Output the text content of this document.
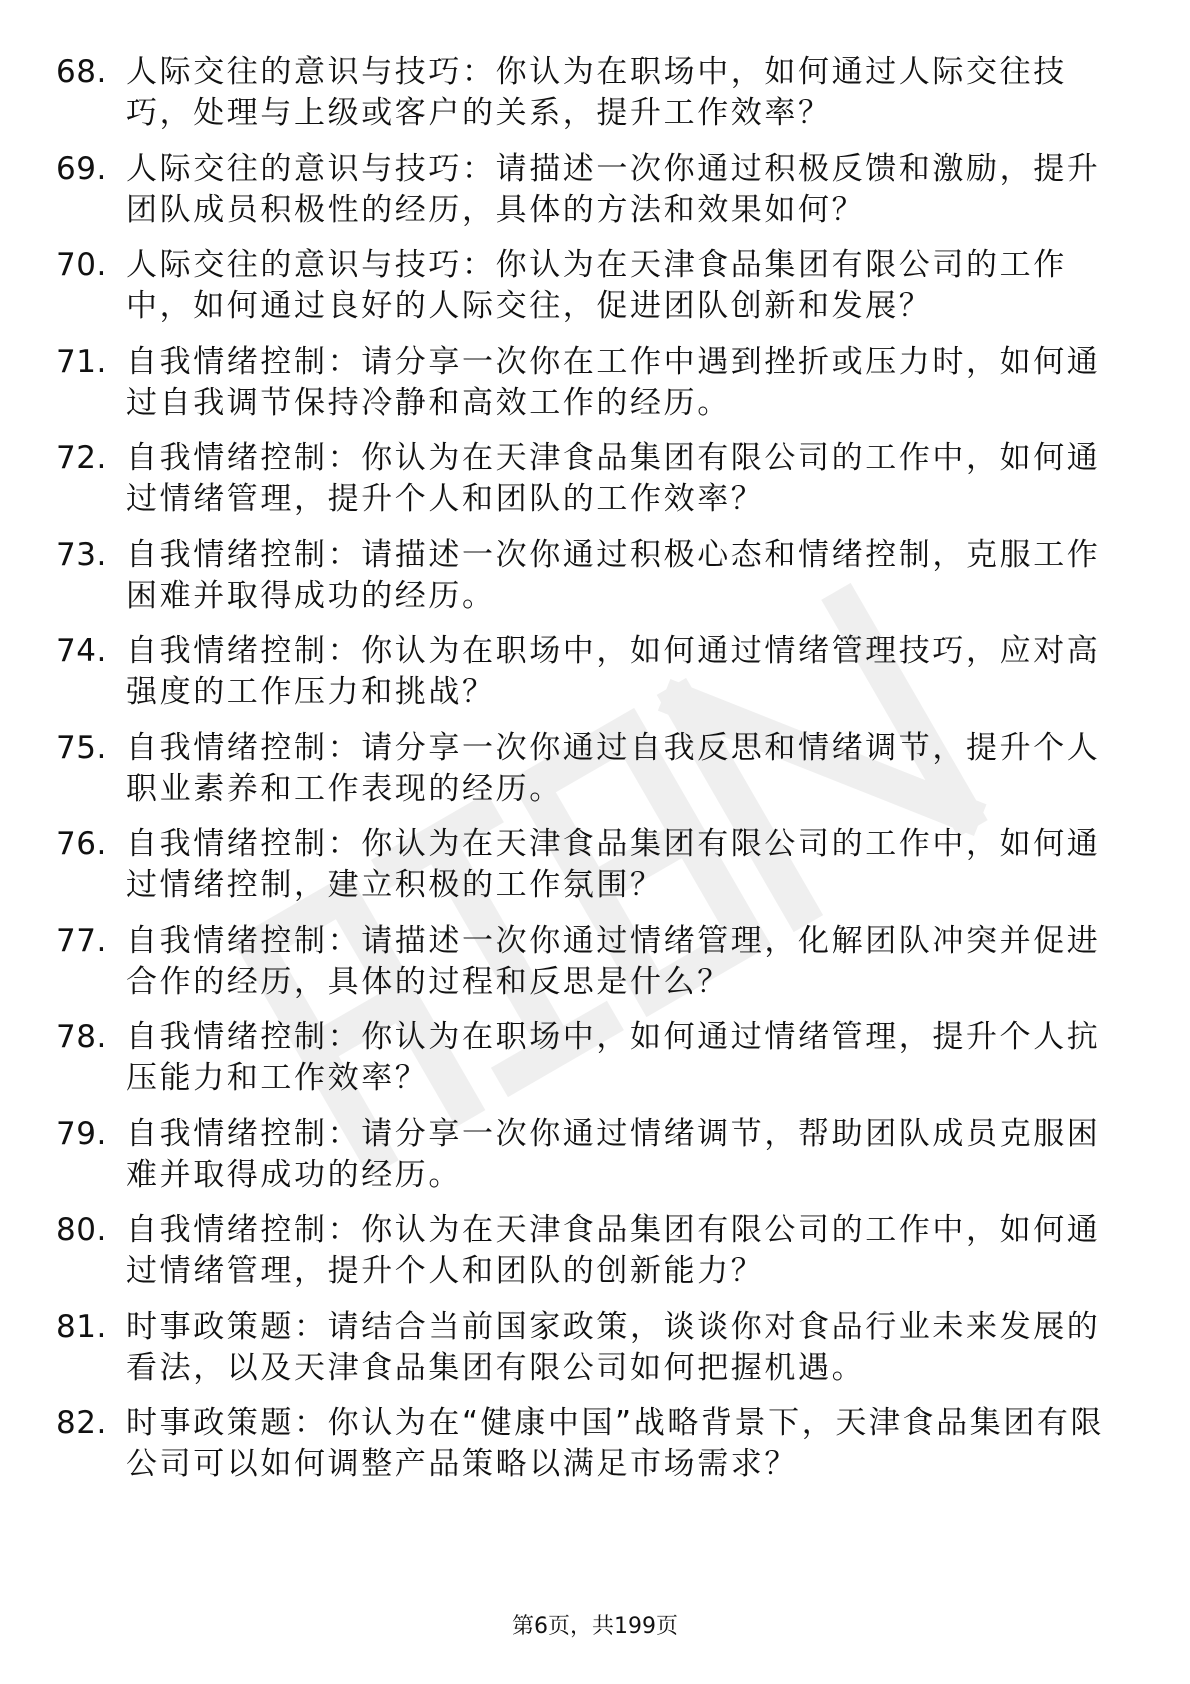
68. 人际交往的意识与技巧：你认为在职场中，如何通过人际交往技巧，处理与上级或客户的关系，提升工作效率？
69. 人际交往的意识与技巧：请描述一次你通过积极反馈和激励，提升团队成员积极性的经历，具体的方法和效果如何？
70. 人际交往的意识与技巧：你认为在天津食品集团有限公司的工作中，如何通过良好的人际交往，促进团队创新和发展？
71. 自我情绪控制：请分享一次你在工作中遇到挫折或压力时，如何通过自我调节保持冷静和高效工作的经历。
72. 自我情绪控制：你认为在天津食品集团有限公司的工作中，如何通过情绪管理，提升个人和团队的工作效率？
73. 自我情绪控制：请描述一次你通过积极心态和情绪控制，克服工作困难并取得成功的经历。
74. 自我情绪控制：你认为在职场中，如何通过情绪管理技巧，应对高强度的工作压力和挑战？
75. 自我情绪控制：请分享一次你通过自我反思和情绪调节，提升个人职业素养和工作表现的经历。
76. 自我情绪控制：你认为在天津食品集团有限公司的工作中，如何通过情绪控制，建立积极的工作氛围？
77. 自我情绪控制：请描述一次你通过情绪管理，化解团队冲突并促进合作的经历，具体的过程和反思是什么？
78. 自我情绪控制：你认为在职场中，如何通过情绪管理，提升个人抗压能力和工作效率？
79. 自我情绪控制：请分享一次你通过情绪调节，帮助团队成员克服困难并取得成功的经历。
80. 自我情绪控制：你认为在天津食品集团有限公司的工作中，如何通过情绪管理，提升个人和团队的创新能力？
81. 时事政策题：请结合当前国家政策，谈谈你对食品行业未来发展的看法，以及天津食品集团有限公司如何把握机遇。
82. 时事政策题：你认为在“健康中国”战略背景下，天津食品集团有限公司可以如何调整产品策略以满足市场需求？
第6页，共199页
